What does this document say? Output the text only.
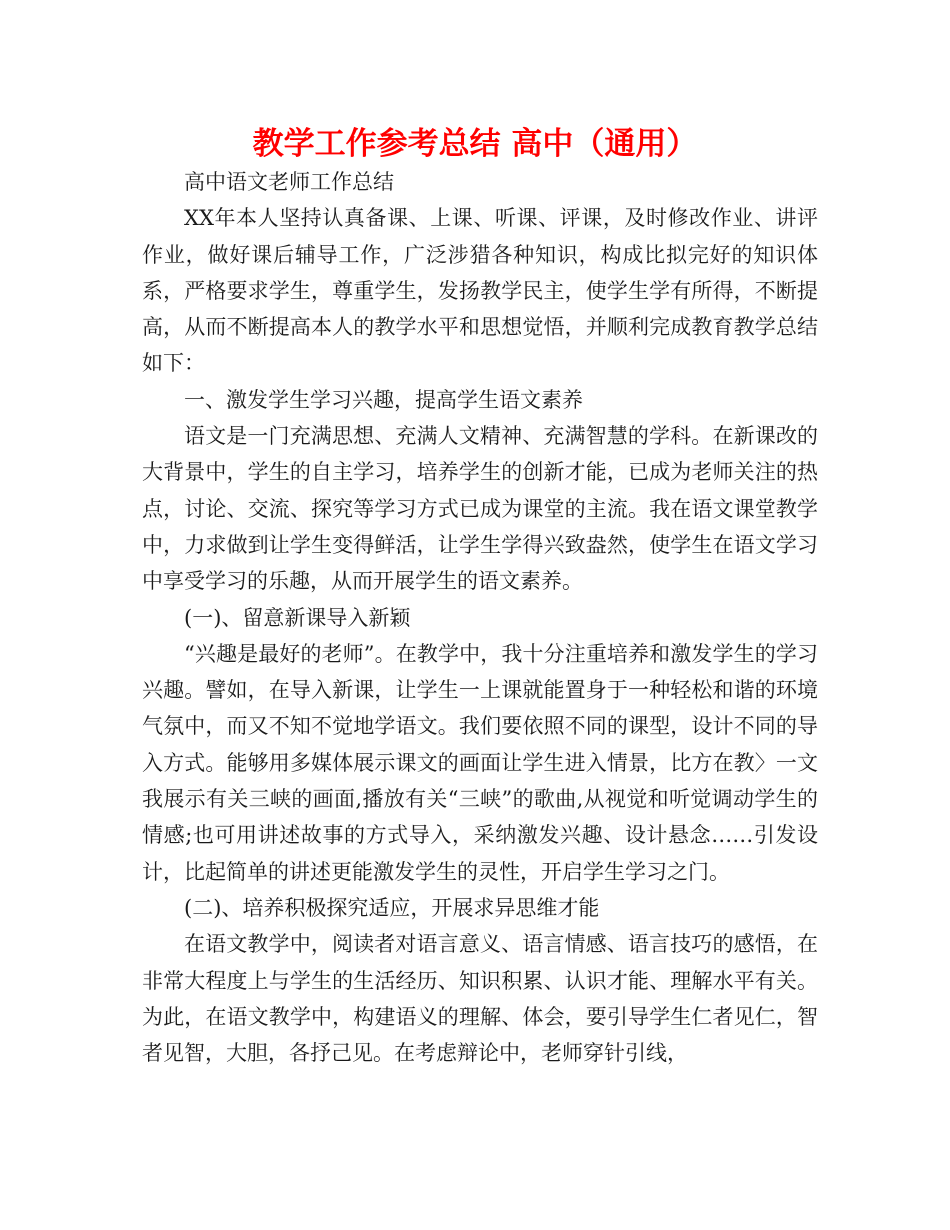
教学工作参考总结 高中（通用）

高中语文老师工作总结

XX年本人坚持认真备课、上课、听课、评课，及时修改作业、讲评作业，做好课后辅导工作，广泛涉猎各种知识，构成比拟完好的知识体系，严格要求学生，尊重学生，发扬教学民主，使学生学有所得，不断提高，从而不断提高本人的教学水平和思想觉悟，并顺利完成教育教学总结如下：

一、激发学生学习兴趣，提高学生语文素养

语文是一门充满思想、充满人文精神、充满智慧的学科。在新课改的大背景中，学生的自主学习，培养学生的创新才能，已成为老师关注的热点，讨论、交流、探究等学习方式已成为课堂的主流。我在语文课堂教学中，力求做到让学生变得鲜活，让学生学得兴致盎然，使学生在语文学习中享受学习的乐趣，从而开展学生的语文素养。

(一)、留意新课导入新颖

“兴趣是最好的老师”。在教学中，我十分注重培养和激发学生的学习兴趣。譬如，在导入新课，让学生一上课就能置身于一种轻松和谐的环境气氛中，而又不知不觉地学语文。我们要依照不同的课型，设计不同的导入方式。能够用多媒体展示课文的画面让学生进入情景，比方在教〉一文我展示有关三峡的画面,播放有关“三峡”的歌曲,从视觉和听觉调动学生的情感;也可用讲述故事的方式导入，采纳激发兴趣、设计悬念……引发设计，比起简单的讲述更能激发学生的灵性，开启学生学习之门。

(二)、培养积极探究适应，开展求异思维才能

在语文教学中，阅读者对语言意义、语言情感、语言技巧的感悟，在非常大程度上与学生的生活经历、知识积累、认识才能、理解水平有关。为此，在语文教学中，构建语义的理解、体会，要引导学生仁者见仁，智者见智，大胆，各抒己见。在考虑辩论中，老师穿针引线，
